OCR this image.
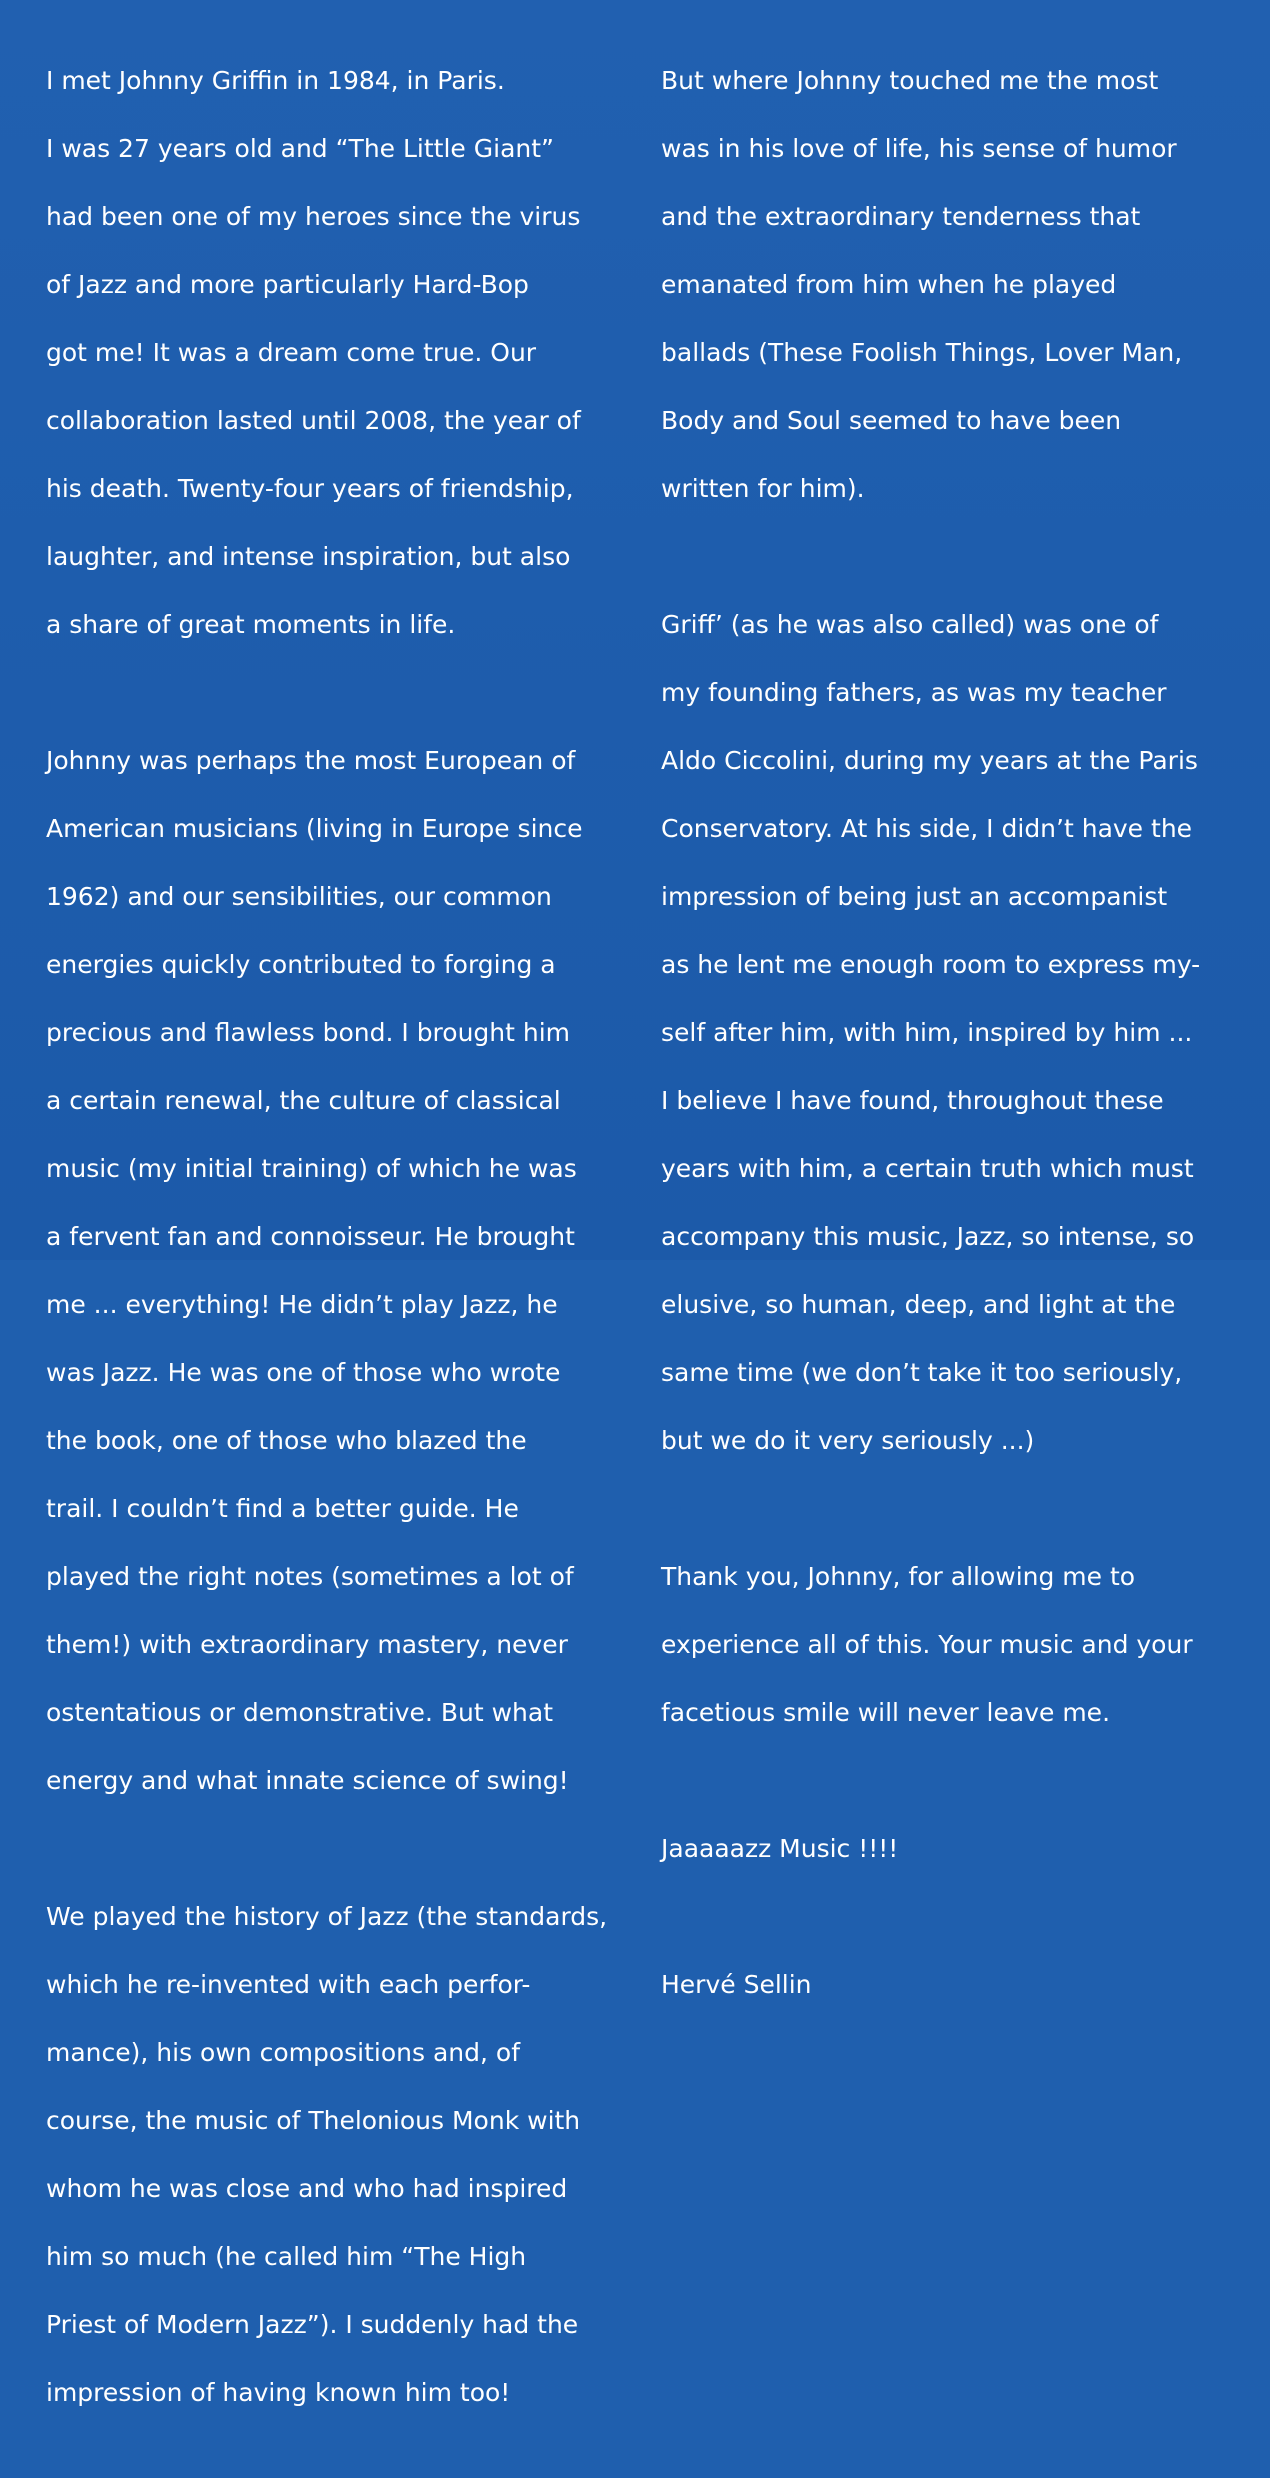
I met Johnny Griffin in 1984, in Paris.

I was 27 years old and “The Little Giant”

had been one of my heroes since the virus

of Jazz and more particularly Hard-Bop

got me! It was a dream come true. Our

collaboration lasted until 2008, the year of

his death. Twenty-four years of friendship,

laughter, and intense inspiration, but also

a share of great moments in life.

Johnny was perhaps the most European of

American musicians (living in Europe since

1962) and our sensibilities, our common

energies quickly contributed to forging a

precious and flawless bond. I brought him

a certain renewal, the culture of classical

music (my initial training) of which he was

a fervent fan and connoisseur. He brought

me ... everything! He didn’t play Jazz, he

was Jazz. He was one of those who wrote

the book, one of those who blazed the

trail. I couldn’t find a better guide. He

played the right notes (sometimes a lot of

them!) with extraordinary mastery, never

ostentatious or demonstrative. But what

energy and what innate science of swing!

We played the history of Jazz (the standards,

which he re-invented with each perfor-

mance), his own compositions and, of

course, the music of Thelonious Monk with

whom he was close and who had inspired

him so much (he called him “The High

Priest of Modern Jazz”). I suddenly had the

impression of having known him too!

But where Johnny touched me the most

was in his love of life, his sense of humor

and the extraordinary tenderness that

emanated from him when he played

ballads (These Foolish Things, Lover Man,

Body and Soul seemed to have been

written for him).

Griff’ (as he was also called) was one of

my founding fathers, as was my teacher

Aldo Ciccolini, during my years at the Paris

Conservatory. At his side, I didn’t have the

impression of being just an accompanist

as he lent me enough room to express my-

self after him, with him, inspired by him ...

I believe I have found, throughout these

years with him, a certain truth which must

accompany this music, Jazz, so intense, so

elusive, so human, deep, and light at the

same time (we don’t take it too seriously,

but we do it very seriously ...)

Thank you, Johnny, for allowing me to

experience all of this. Your music and your

facetious smile will never leave me.

Jaaaaazz Music !!!!

Hervé Sellin
